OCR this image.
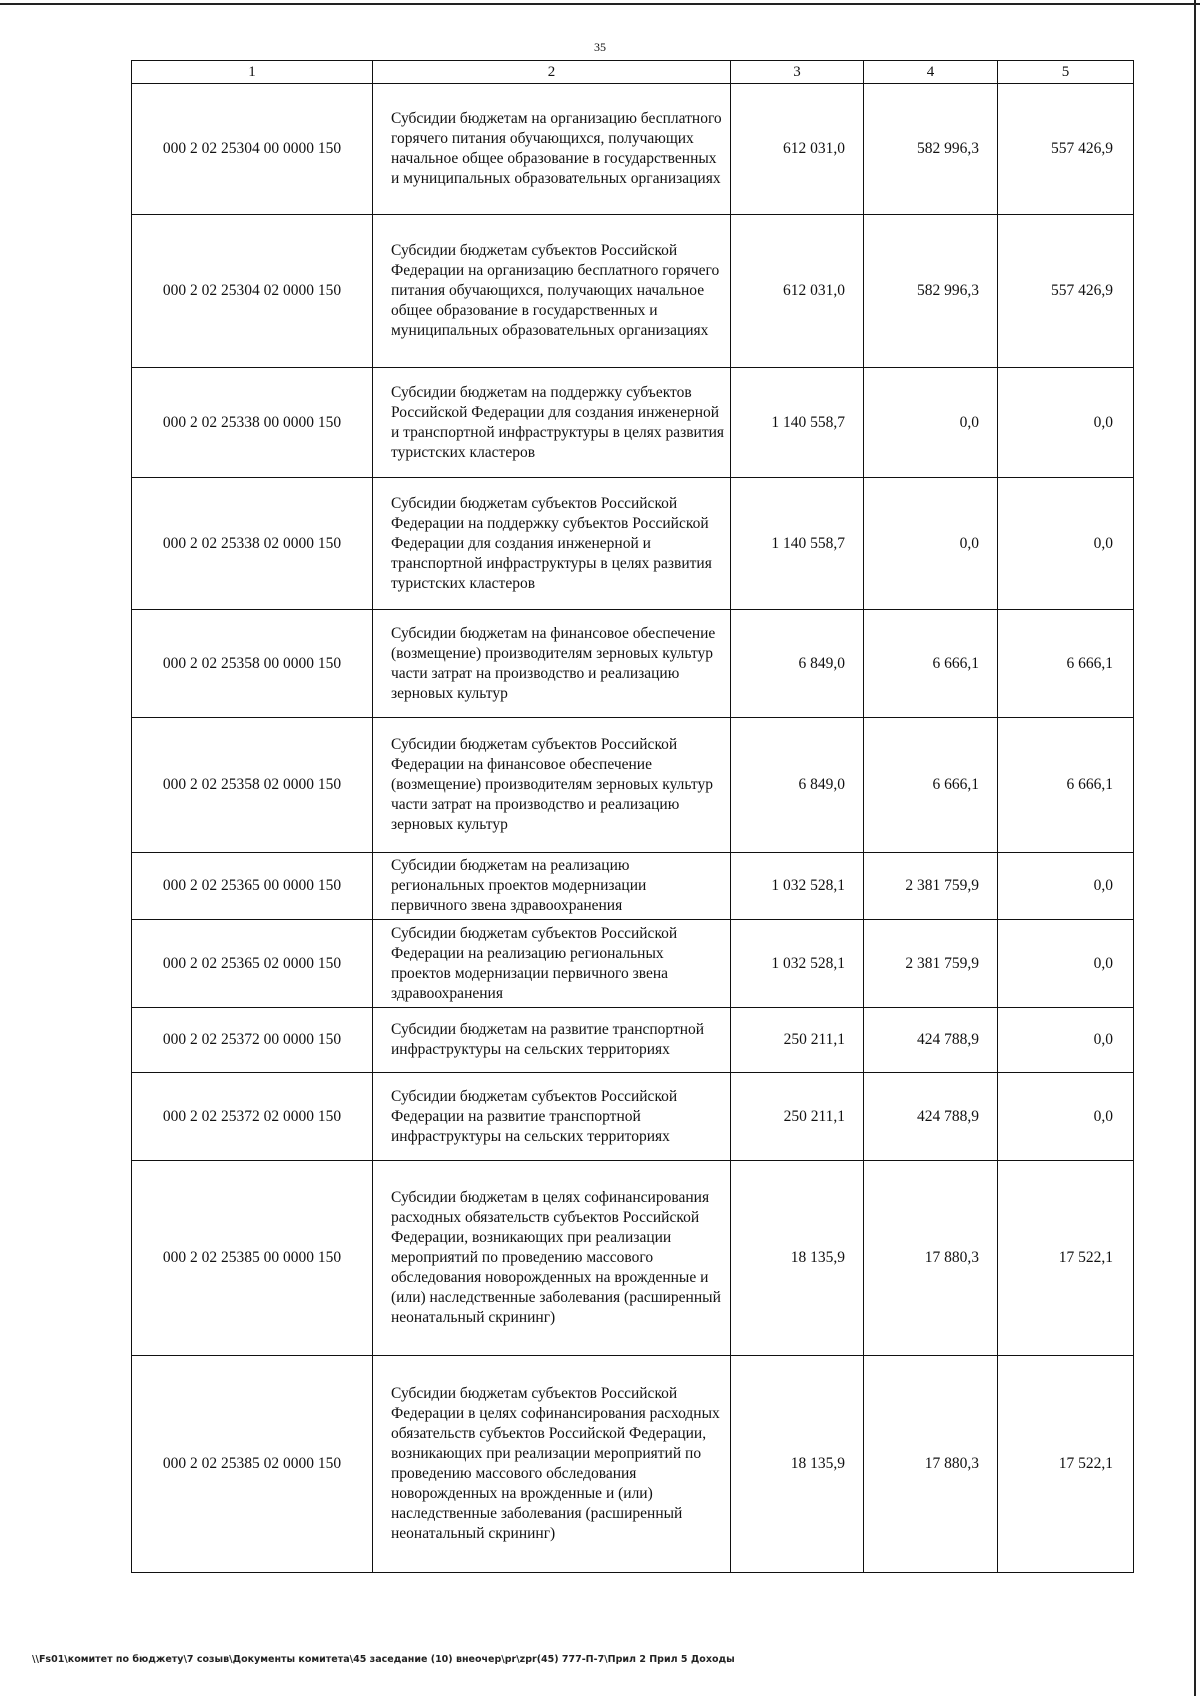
35
1	2	3	4	5
000 2 02 25304 00 0000 150	Субсидии бюджетам на организацию бесплатного горячего питания обучающихся, получающих начальное общее образование в государственных и муниципальных образовательных организациях	612 031,0	582 996,3	557 426,9
000 2 02 25304 02 0000 150	Субсидии бюджетам субъектов Российской Федерации на организацию бесплатного горячего питания обучающихся, получающих начальное общее образование в государственных и муниципальных образовательных организациях	612 031,0	582 996,3	557 426,9
000 2 02 25338 00 0000 150	Субсидии бюджетам на поддержку субъектов Российской Федерации для создания инженерной и транспортной инфраструктуры в целях развития туристских кластеров	1 140 558,7	0,0	0,0
000 2 02 25338 02 0000 150	Субсидии бюджетам субъектов Российской Федерации на поддержку субъектов Российской Федерации для создания инженерной и транспортной инфраструктуры в целях развития туристских кластеров	1 140 558,7	0,0	0,0
000 2 02 25358 00 0000 150	Субсидии бюджетам на финансовое обеспечение (возмещение) производителям зерновых культур части затрат на производство и реализацию зерновых культур	6 849,0	6 666,1	6 666,1
000 2 02 25358 02 0000 150	Субсидии бюджетам субъектов Российской Федерации на финансовое обеспечение (возмещение) производителям зерновых культур части затрат на производство и реализацию зерновых культур	6 849,0	6 666,1	6 666,1
000 2 02 25365 00 0000 150	Субсидии бюджетам на реализацию региональных проектов модернизации первичного звена здравоохранения	1 032 528,1	2 381 759,9	0,0
000 2 02 25365 02 0000 150	Субсидии бюджетам субъектов Российской Федерации на реализацию региональных проектов модернизации первичного звена здравоохранения	1 032 528,1	2 381 759,9	0,0
000 2 02 25372 00 0000 150	Субсидии бюджетам на развитие транспортной инфраструктуры на сельских территориях	250 211,1	424 788,9	0,0
000 2 02 25372 02 0000 150	Субсидии бюджетам субъектов Российской Федерации на развитие транспортной инфраструктуры на сельских территориях	250 211,1	424 788,9	0,0
000 2 02 25385 00 0000 150	Субсидии бюджетам в целях софинансирования расходных обязательств субъектов Российской Федерации, возникающих при реализации мероприятий по проведению массового обследования новорожденных на врожденные и (или) наследственные заболевания (расширенный неонатальный скрининг)	18 135,9	17 880,3	17 522,1
000 2 02 25385 02 0000 150	Субсидии бюджетам субъектов Российской Федерации в целях софинансирования расходных обязательств субъектов Российской Федерации, возникающих при реализации мероприятий по проведению массового обследования новорожденных на врожденные и (или) наследственные заболевания (расширенный неонатальный скрининг)	18 135,9	17 880,3	17 522,1
\\Fs01\комитет по бюджету\7 созыв\Документы комитета\45 заседание (10) внеочер\pr\zpr(45) 777-П-7\Прил 2 Прил 5 Доходы
